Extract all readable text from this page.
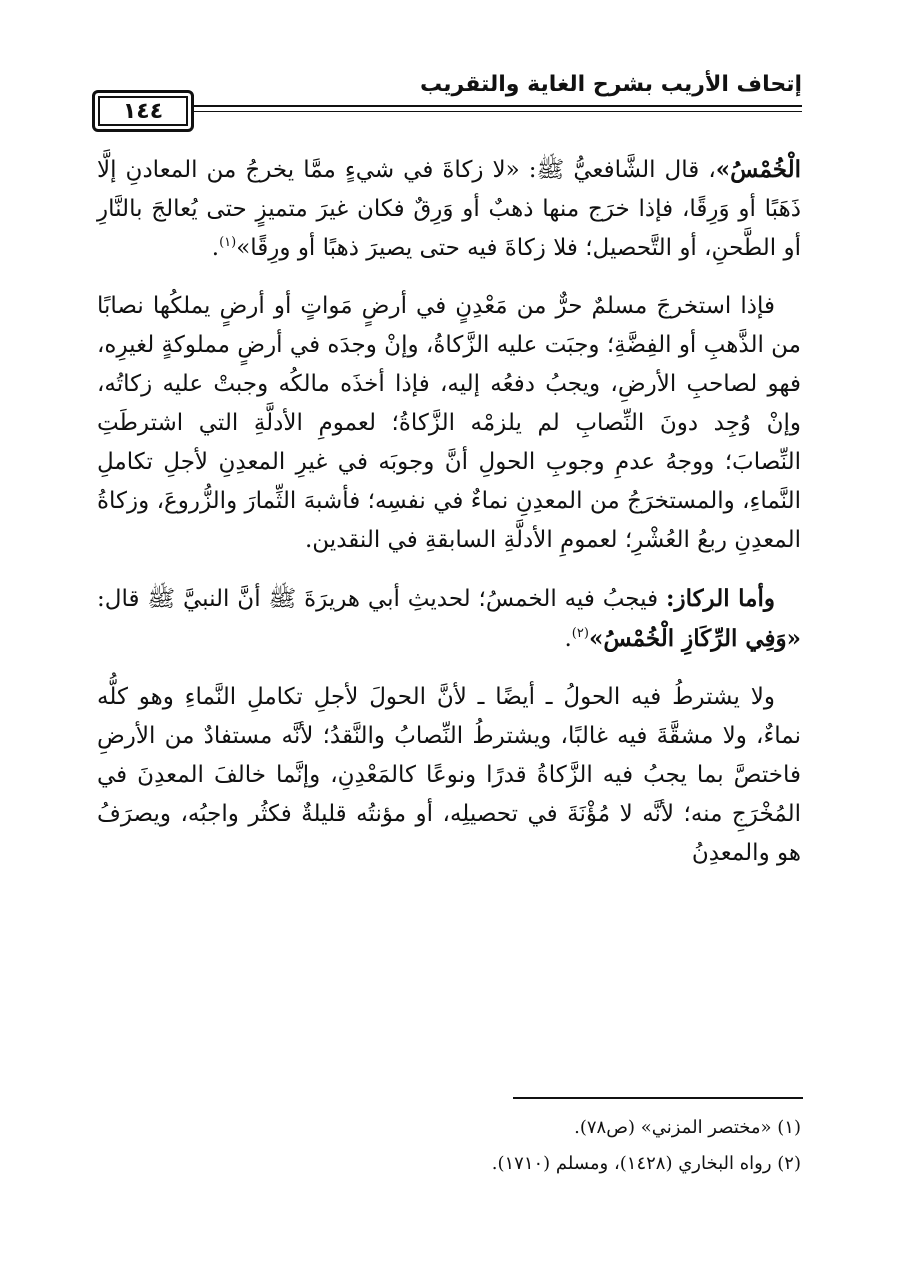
إتحاف الأريب بشرح الغاية والتقريب
١٤٤

الْخُمْسُ»، قال الشَّافعيُّ ﷺ: «لا زكاةَ في شيءٍ ممَّا يخرجُ من المعادنِ إلَّا ذَهَبًا أو وَرِقًا، فإذا خرَج منها ذهبٌ أو وَرِقٌ فكان غيرَ متميزٍ حتى يُعالجَ بالنَّارِ أو الطَّحنِ، أو التَّحصيل؛ فلا زكاةَ فيه حتى يصيرَ ذهبًا أو ورِقًا»$^{(١)}$.

فإذا استخرجَ مسلمٌ حرٌّ من مَعْدِنٍ في أرضٍ مَواتٍ أو أرضٍ يملكُها نصابًا من الذَّهبِ أو الفِضَّةِ؛ وجبَت عليه الزَّكاةُ، وإنْ وجدَه في أرضٍ مملوكةٍ لغيرِه، فهو لصاحبِ الأرضِ، ويجبُ دفعُه إليه، فإذا أخذَه مالكُه وجبتْ عليه زكاتُه، وإنْ وُجِد دونَ النِّصابِ لم يلزمْه الزَّكاةُ؛ لعمومِ الأدلَّةِ التي اشترطَتِ النِّصابَ؛ ووجهُ عدمِ وجوبِ الحولِ أنَّ وجوبَه في غيرِ المعدِنِ لأجلِ تكاملِ النَّماءِ، والمستخرَجُ من المعدِنِ نماءٌ في نفسِه؛ فأشبهَ الثِّمارَ والزُّروعَ، وزكاةُ المعدِنِ ربعُ العُشْرِ؛ لعمومِ الأدلَّةِ السابقةِ في النقدين.

وأما الركاز: فيجبُ فيه الخمسُ؛ لحديثِ أبي هريرَةَ ﷺ أنَّ النبيَّ ﷺ قال: «وَفِي الرِّكَازِ الْخُمْسُ»$^{(٢)}$.

ولا يشترطُ فيه الحولُ ـ أيضًا ـ لأنَّ الحولَ لأجلِ تكاملِ النَّماءِ وهو كلُّه نماءٌ، ولا مشقَّةَ فيه غالبًا، ويشترطُ النِّصابُ والنَّقدُ؛ لأنَّه مستفادٌ من الأرضِ فاختصَّ بما يجبُ فيه الزَّكاةُ قدرًا ونوعًا كالمَعْدِنِ، وإنَّما خالفَ المعدِنَ في المُخْرَجِ منه؛ لأنَّه لا مُؤْنَةَ في تحصيلِه، أو مؤنتُه قليلةٌ فكثُر واجبُه، ويصرَفُ هو والمعدِنُ

(١) «مختصر المزني» (ص٧٨).
(٢) رواه البخاري (١٤٢٨)، ومسلم (١٧١٠).
